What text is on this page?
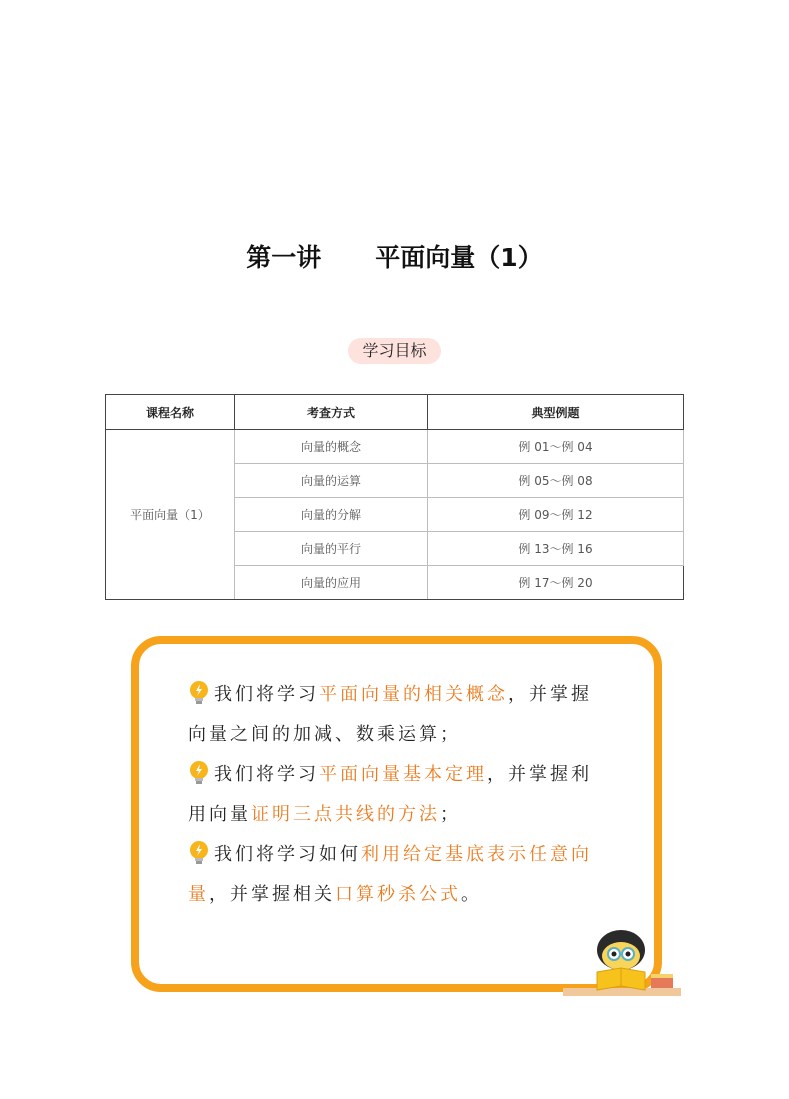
第一讲 平面向量（1）
学习目标
课程名称	考查方式	典型例题
平面向量（1）	向量的概念	例 01～例 04
	向量的运算	例 05～例 08
	向量的分解	例 09～例 12
	向量的平行	例 13～例 16
	向量的应用	例 17～例 20

我们将学习平面向量的相关概念，并掌握向量之间的加减、数乘运算；

我们将学习平面向量基本定理，并掌握利用向量证明三点共线的方法；

我们将学习如何利用给定基底表示任意向量，并掌握相关口算秒杀公式。
